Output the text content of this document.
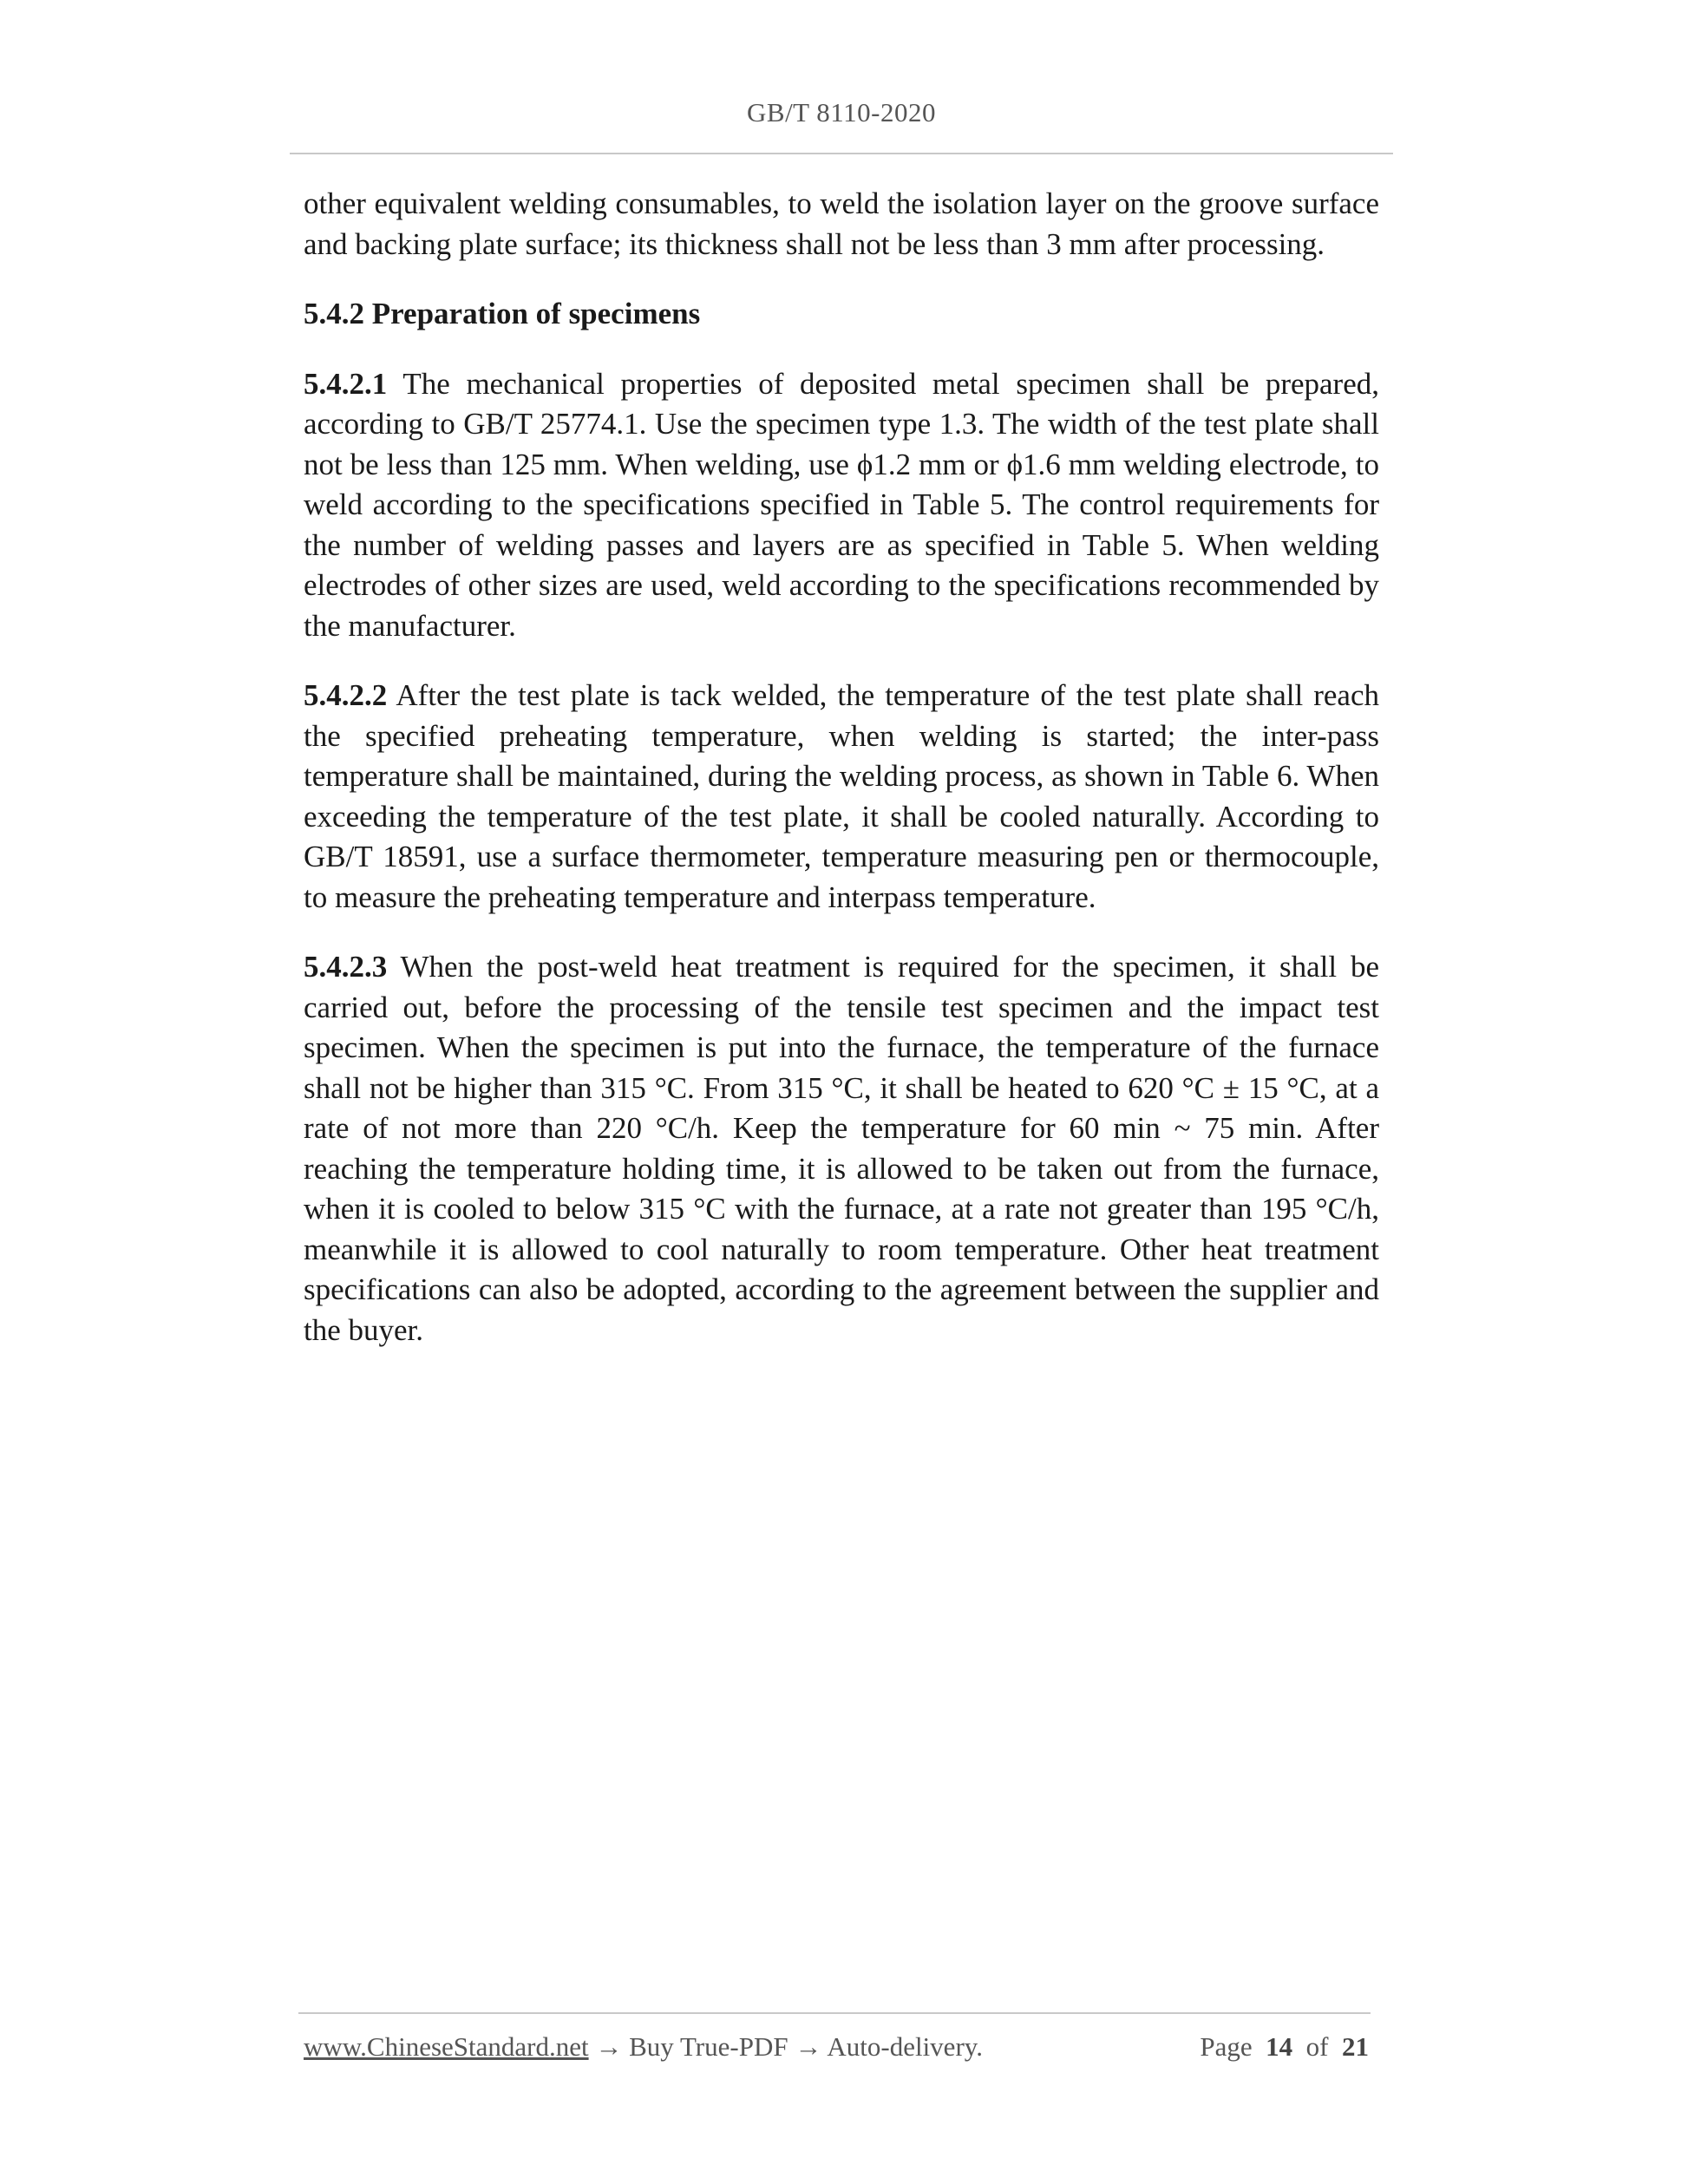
GB/T 8110-2020

other equivalent welding consumables, to weld the isolation layer on the groove surface and backing plate surface; its thickness shall not be less than 3 mm after processing.

5.4.2 Preparation of specimens

5.4.2.1 The mechanical properties of deposited metal specimen shall be prepared, according to GB/T 25774.1. Use the specimen type 1.3. The width of the test plate shall not be less than 125 mm. When welding, use ϕ1.2 mm or ϕ1.6 mm welding electrode, to weld according to the specifications specified in Table 5. The control requirements for the number of welding passes and layers are as specified in Table 5. When welding electrodes of other sizes are used, weld according to the specifications recommended by the manufacturer.

5.4.2.2 After the test plate is tack welded, the temperature of the test plate shall reach the specified preheating temperature, when welding is started; the inter-pass temperature shall be maintained, during the welding process, as shown in Table 6. When exceeding the temperature of the test plate, it shall be cooled naturally. According to GB/T 18591, use a surface thermometer, temperature measuring pen or thermocouple, to measure the preheating temperature and interpass temperature.

5.4.2.3 When the post-weld heat treatment is required for the specimen, it shall be carried out, before the processing of the tensile test specimen and the impact test specimen. When the specimen is put into the furnace, the temperature of the furnace shall not be higher than 315 °C. From 315 °C, it shall be heated to 620 °C ± 15 °C, at a rate of not more than 220 °C/h. Keep the temperature for 60 min ~ 75 min. After reaching the temperature holding time, it is allowed to be taken out from the furnace, when it is cooled to below 315 °C with the furnace, at a rate not greater than 195 °C/h, meanwhile it is allowed to cool naturally to room temperature. Other heat treatment specifications can also be adopted, according to the agreement between the supplier and the buyer.

www.ChineseStandard.net → Buy True-PDF → Auto-delivery.	Page 14 of 21
